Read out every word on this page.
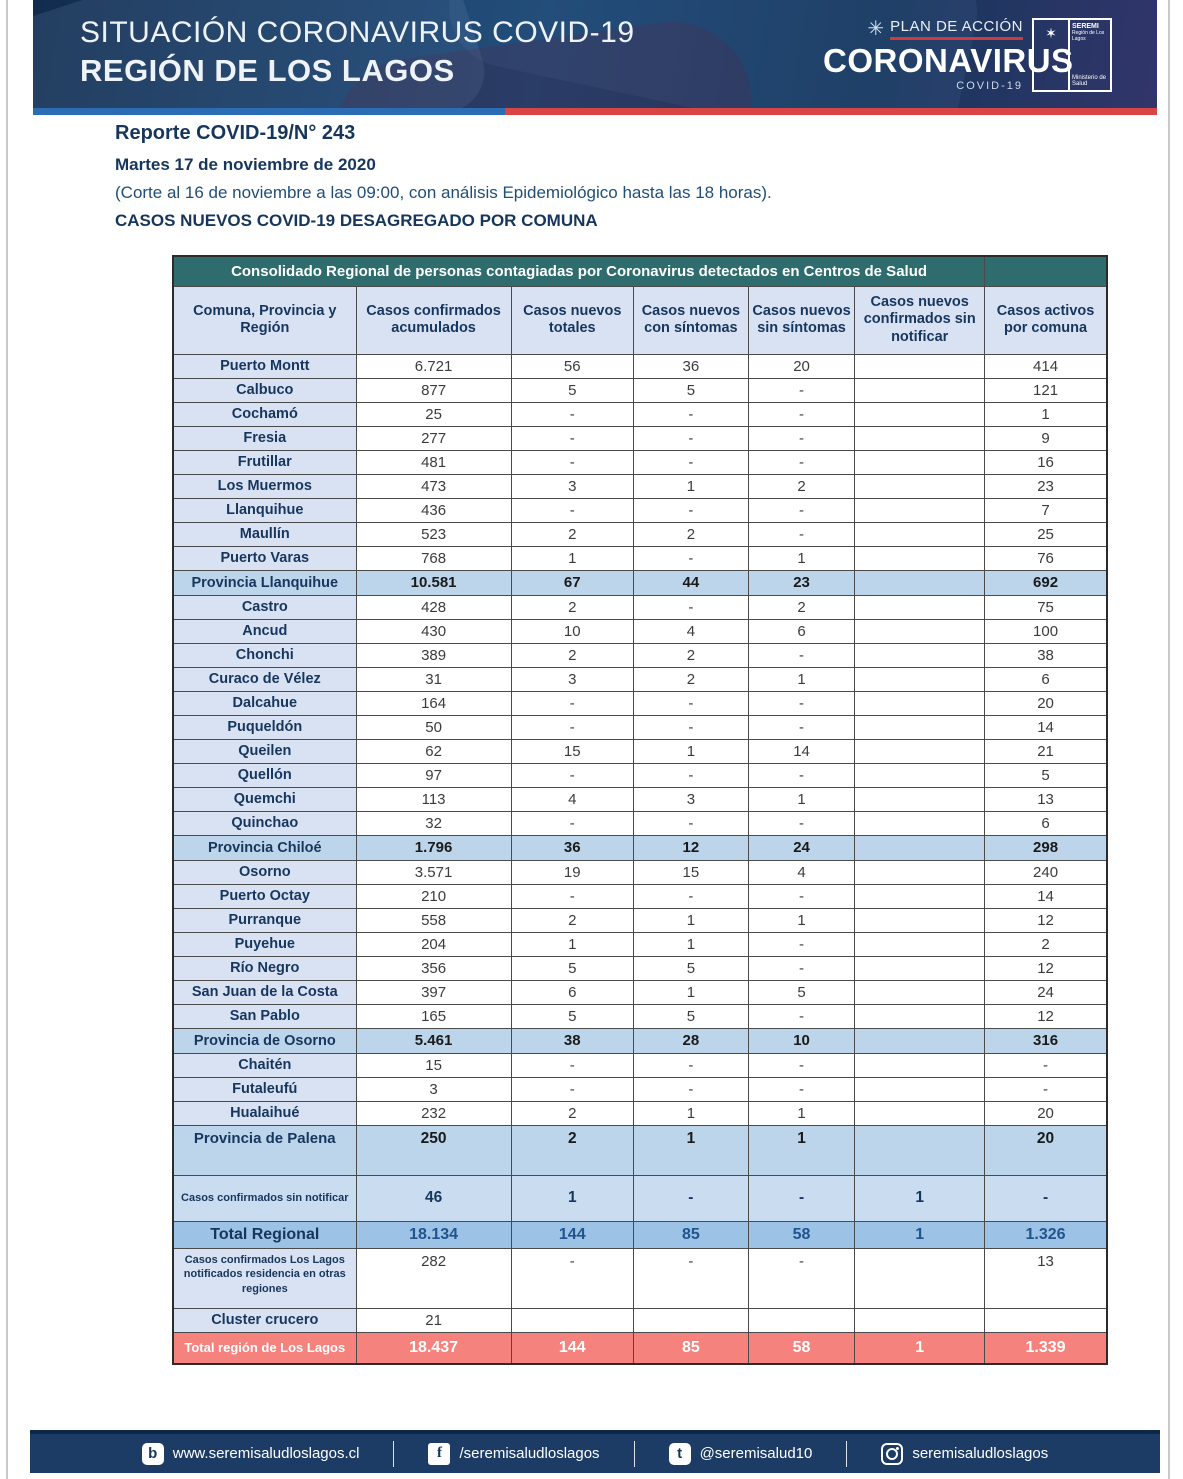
SITUACIÓN CORONAVIRUS COVID-19
REGIÓN DE LOS LAGOS
✳ PLAN DE ACCIÓN
CORONAVIRUS
COVID-19
✶ SEREMI
Región de Los Lagos
Ministerio de Salud
Reporte COVID-19/N° 243
Martes 17 de noviembre de 2020
(Corte al 16 de noviembre a las 09:00, con análisis Epidemiológico hasta las 18 horas).
CASOS NUEVOS COVID-19 DESAGREGADO POR COMUNA
Consolidado Regional de personas contagiadas por Coronavirus detectados en Centros de Salud						
Comuna, Provincia y Región	Casos confirmados acumulados	Casos nuevos totales	Casos nuevos con síntomas	Casos nuevos sin síntomas	Casos nuevos confirmados sin notificar	Casos activos por comuna
Puerto Montt	6.721	56	36	20		414
Calbuco	877	5	5	-		121
Cochamó	25	-	-	-		1
Fresia	277	-	-	-		9
Frutillar	481	-	-	-		16
Los Muermos	473	3	1	2		23
Llanquihue	436	-	-	-		7
Maullín	523	2	2	-		25
Puerto Varas	768	1	-	1		76
Provincia Llanquihue	10.581	67	44	23		692
Castro	428	2	-	2		75
Ancud	430	10	4	6		100
Chonchi	389	2	2	-		38
Curaco de Vélez	31	3	2	1		6
Dalcahue	164	-	-	-		20
Puqueldón	50	-	-	-		14
Queilen	62	15	1	14		21
Quellón	97	-	-	-		5
Quemchi	113	4	3	1		13
Quinchao	32	-	-	-		6
Provincia Chiloé	1.796	36	12	24		298
Osorno	3.571	19	15	4		240
Puerto Octay	210	-	-	-		14
Purranque	558	2	1	1		12
Puyehue	204	1	1	-		2
Río Negro	356	5	5	-		12
San Juan de la Costa	397	6	1	5		24
San Pablo	165	5	5	-		12
Provincia de Osorno	5.461	38	28	10		316
Chaitén	15	-	-	-		-
Futaleufú	3	-	-	-		-
Hualaihué	232	2	1	1		20
Provincia de Palena	250	2	1	1		20
Casos confirmados sin notificar	46	1	-	-	1	-
Total Regional	18.134	144	85	58	1	1.326
Casos confirmados Los Lagos notificados residencia en otras regiones	282	-	-	-		13
Cluster crucero	21					
Total región de Los Lagos	18.437	144	85	58	1	1.339
b	www.seremisaludloslagos.cl	f	/seremisaludloslagos	t	@seremisalud10	seremisaludloslagos
